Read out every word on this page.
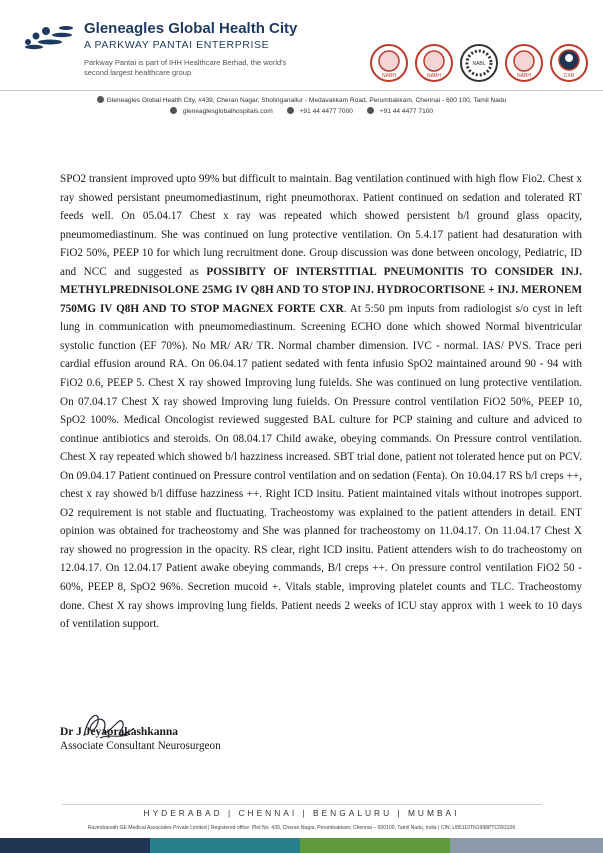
Gleneagles Global Health City
A PARKWAY PANTAI ENTERPRISE
Parkway Pantai is part of IHH Healthcare Berhad, the world's second largest healthcare group	NABH	NABH
NABL
NABH	CXR
Gleneagles Global Health City, #439, Cheran Nagar, Sholinganallur - Medavakkam Road, Perumbakkam, Chennai - 600 100, Tamil Nadu
gleneaglesglobalhospitals.com	+91 44 4477 7000	+91 44 4477 7100
SPO2 transient improved upto 99% but difficult to maintain. Bag ventilation continued with high flow Fio2. Chest x ray showed persistant pneumomediastinum, right pneumothorax. Patient continued on sedation and tolerated RT feeds well. On 05.04.17 Chest x ray was repeated which showed persistent b/l ground glass opacity, pneumomediastinum. She was continued on lung protective ventilation. On 5.4.17 patient had desaturation with FiO2 50%, PEEP 10 for which lung recruitment done. Group discussion was done between oncology, Pediatric, ID and NCC and suggested as POSSIBITY OF INTERSTITIAL PNEUMONITIS TO CONSIDER INJ. METHYLPREDNISOLONE 25MG IV Q8H AND TO STOP INJ. HYDROCORTISONE + INJ. MERONEM 750MG IV Q8H AND TO STOP MAGNEX FORTE CXR. At 5:50 pm inputs from radiologist s/o cyst in left lung in communication with pneumomediastinum. Screening ECHO done which showed Normal biventricular systolic function (EF 70%). No MR/ AR/ TR. Normal chamber dimension. IVC - normal. IAS/ PVS. Trace peri cardial effusion around RA. On 06.04.17 patient sedated with fenta infusio SpO2 maintained around 90 - 94 with FiO2 0.6, PEEP 5. Chest X ray showed Improving lung fuields. She was continued on lung protective ventilation. On 07.04.17 Chest X ray showed Improving lung fuields. On Pressure control ventilation FiO2 50%, PEEP 10, SpO2 100%. Medical Oncologist reviewed suggested BAL culture for PCP staining and culture and adviced to continue antibiotics and steroids. On 08.04.17 Child awake, obeying commands. On Pressure control ventilation. Chest X ray repeated which showed b/l hazziness increased. SBT trial done, patient not tolerated hence put on PCV. On 09.04.17 Patient continued on Pressure control ventilation and on sedation (Fenta). On 10.04.17 RS b/l creps ++, chest x ray showed b/l diffuse hazziness ++. Right ICD insitu. Patient maintained vitals without inotropes support. O2 requirement is not stable and fluctuating. Tracheostomy was explained to the patient attenders in detail. ENT opinion was obtained for tracheostomy and She was planned for tracheostomy on 11.04.17. On 11.04.17 Chest X ray showed no progression in the opacity. RS clear, right ICD insitu. Patient attenders wish to do tracheostomy on 12.04.17. On 12.04.17 Patient awake obeying commands, B/l creps ++. On pressure control ventilation FiO2 50 - 60%, PEEP 8, SpO2 96%. Secretion mucoid +. Vitals stable, improving platelet counts and TLC. Tracheostomy done. Chest X ray shows improving lung fields. Patient needs 2 weeks of ICU stay approx with 1 week to 10 days of ventilation support.
Dr J Jeyaprakashkanna
Associate Consultant Neurosurgeon
HYDERABAD | CHENNAI | BENGALURU | MUMBAI
Ravindranath GE Medical Associates Private Limited | Registered office: Plot No. 439, Cheran Nagar, Perumbakkam, Chennai – 600100, Tamil Nadu, India | CIN: U85110TN1998PTC093106
